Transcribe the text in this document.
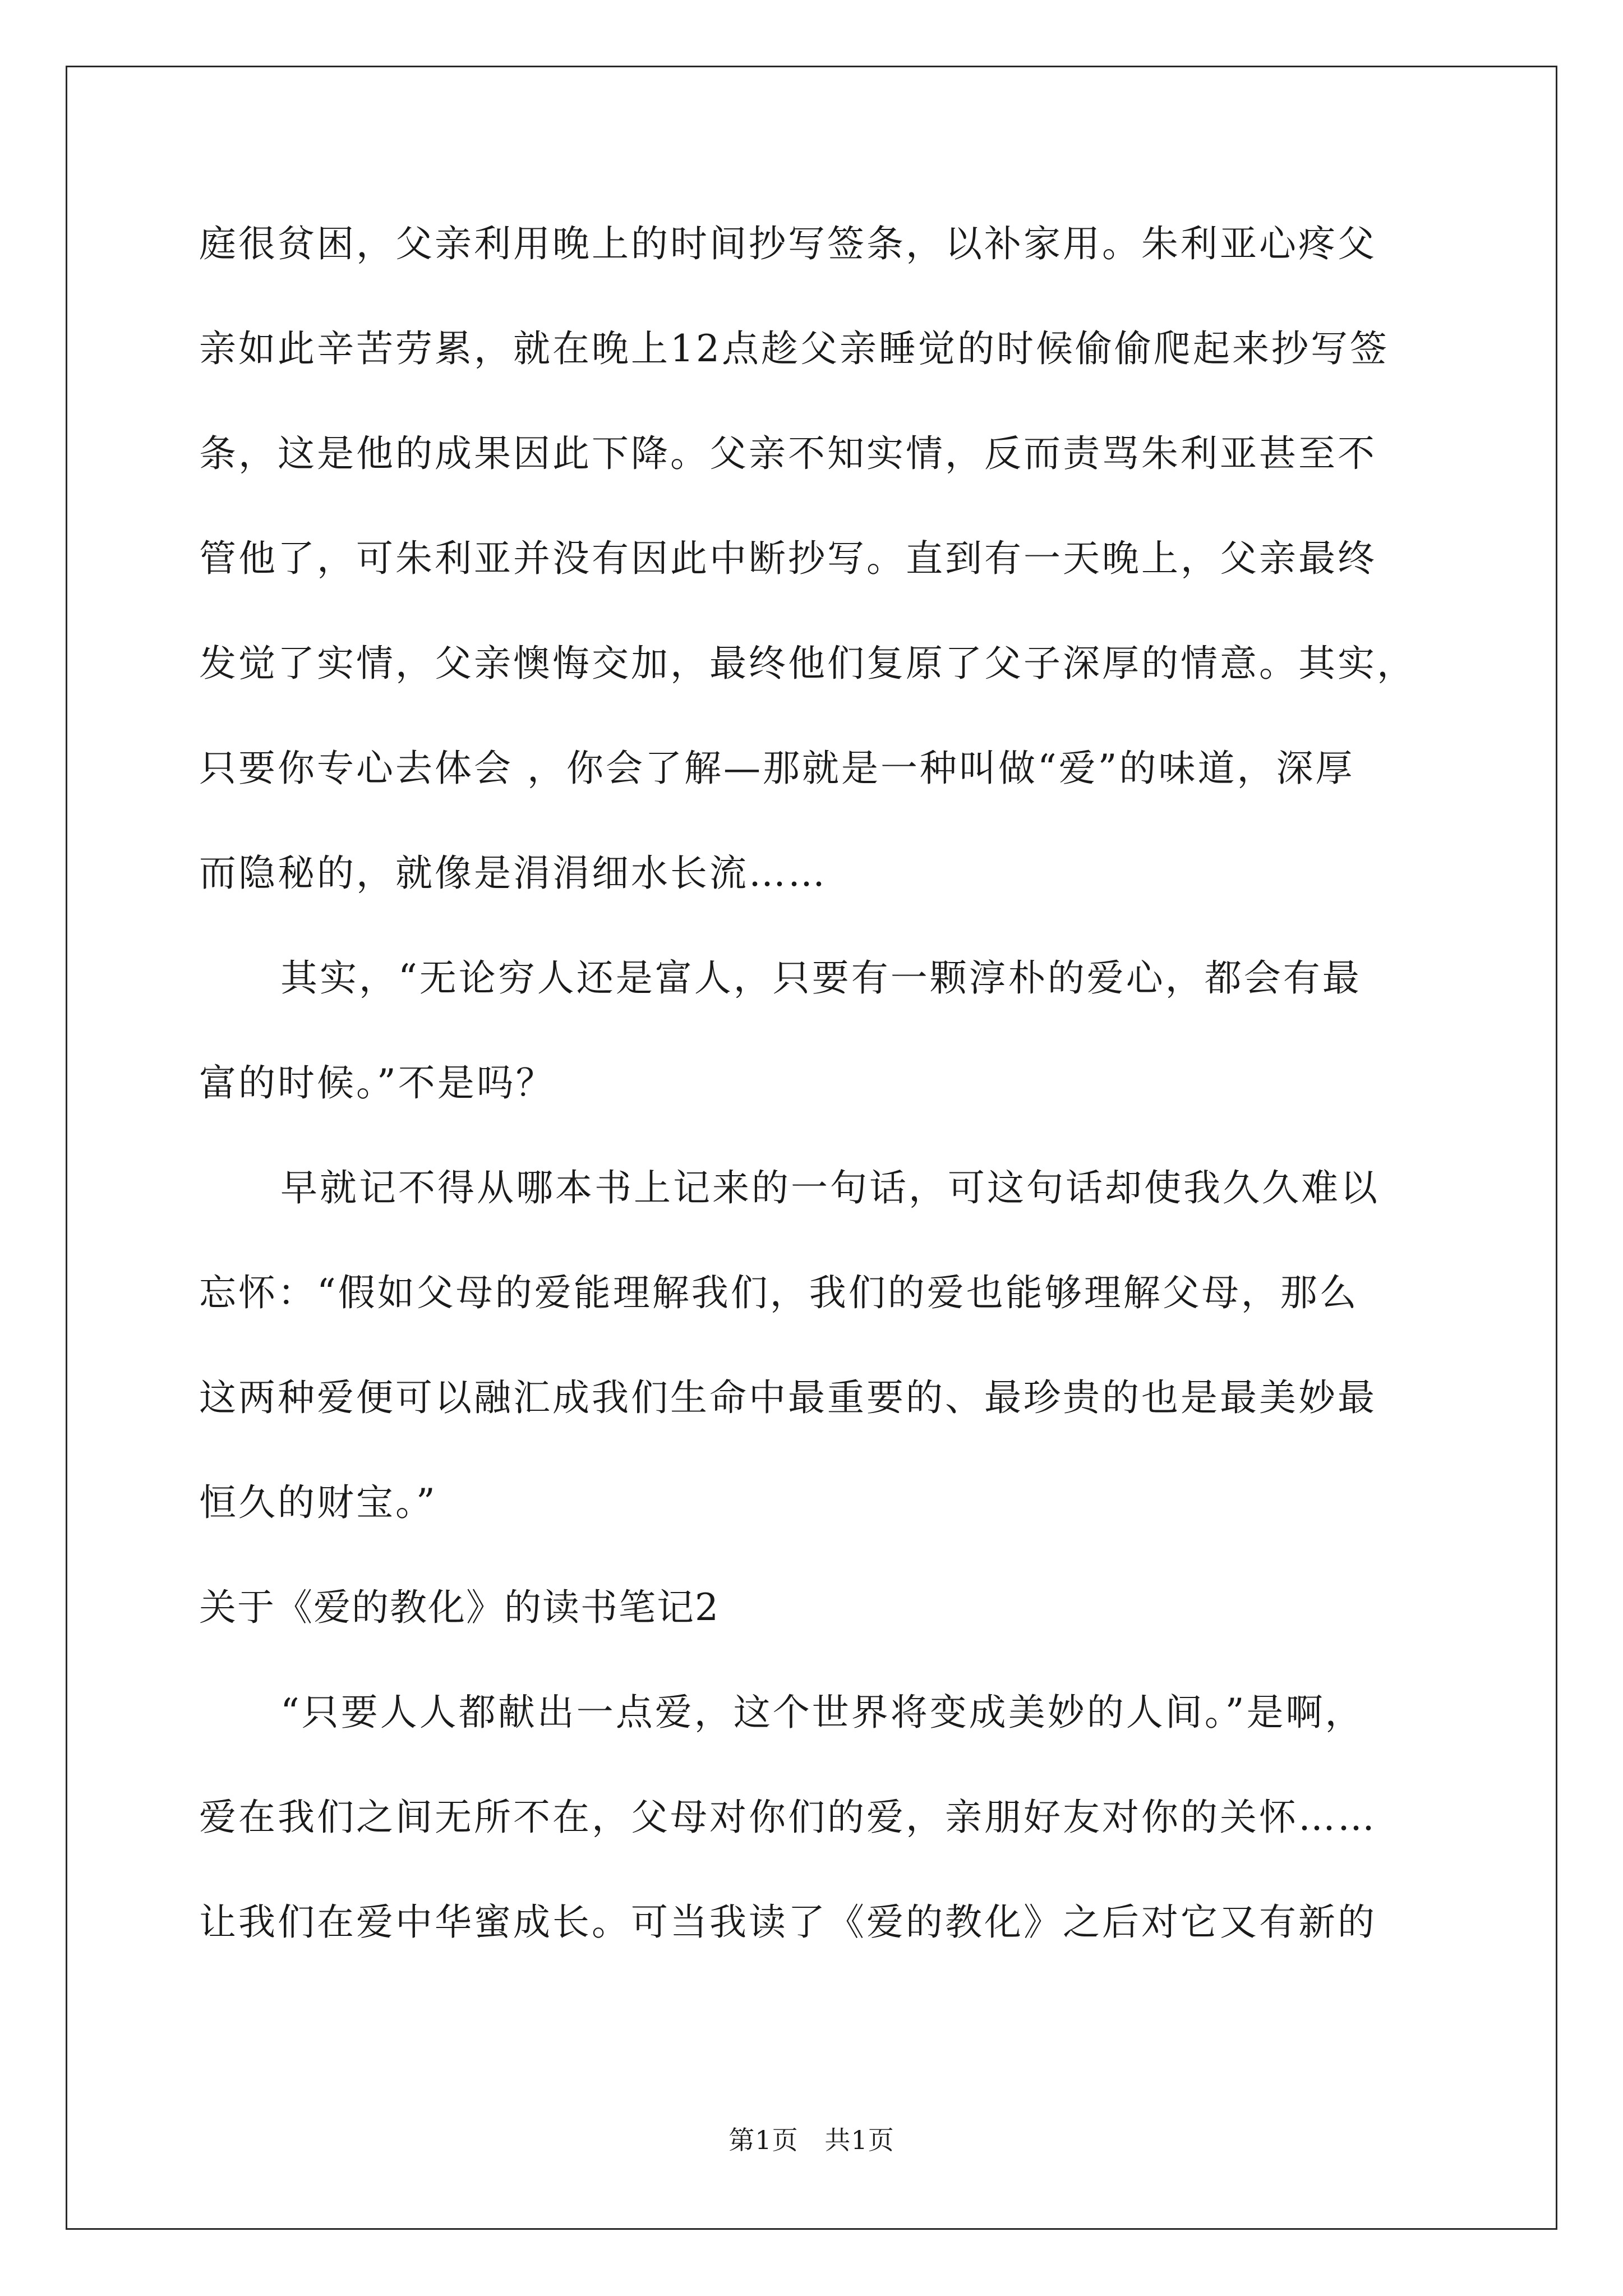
庭很贫困，父亲利用晚上的时间抄写签条，以补家用。朱利亚心疼父
亲如此辛苦劳累，就在晚上12点趁父亲睡觉的时候偷偷爬起来抄写签
条，这是他的成果因此下降。父亲不知实情，反而责骂朱利亚甚至不
管他了，可朱利亚并没有因此中断抄写。直到有一天晚上，父亲最终
发觉了实情，父亲懊悔交加，最终他们复原了父子深厚的情意。其实，
只要你专心去体会 ，你会了解—那就是一种叫做“爱”的味道，深厚
而隐秘的，就像是涓涓细水长流……
其实，“无论穷人还是富人，只要有一颗淳朴的爱心，都会有最
富的时候。”不是吗？
早就记不得从哪本书上记来的一句话，可这句话却使我久久难以
忘怀：“假如父母的爱能理解我们，我们的爱也能够理解父母，那么
这两种爱便可以融汇成我们生命中最重要的、最珍贵的也是最美妙最
恒久的财宝。”
关于《爱的教化》的读书笔记2
“只要人人都献出一点爱，这个世界将变成美妙的人间。”是啊，
爱在我们之间无所不在，父母对你们的爱，亲朋好友对你的关怀……
让我们在爱中华蜜成长。可当我读了《爱的教化》之后对它又有新的
第1页   共1页
